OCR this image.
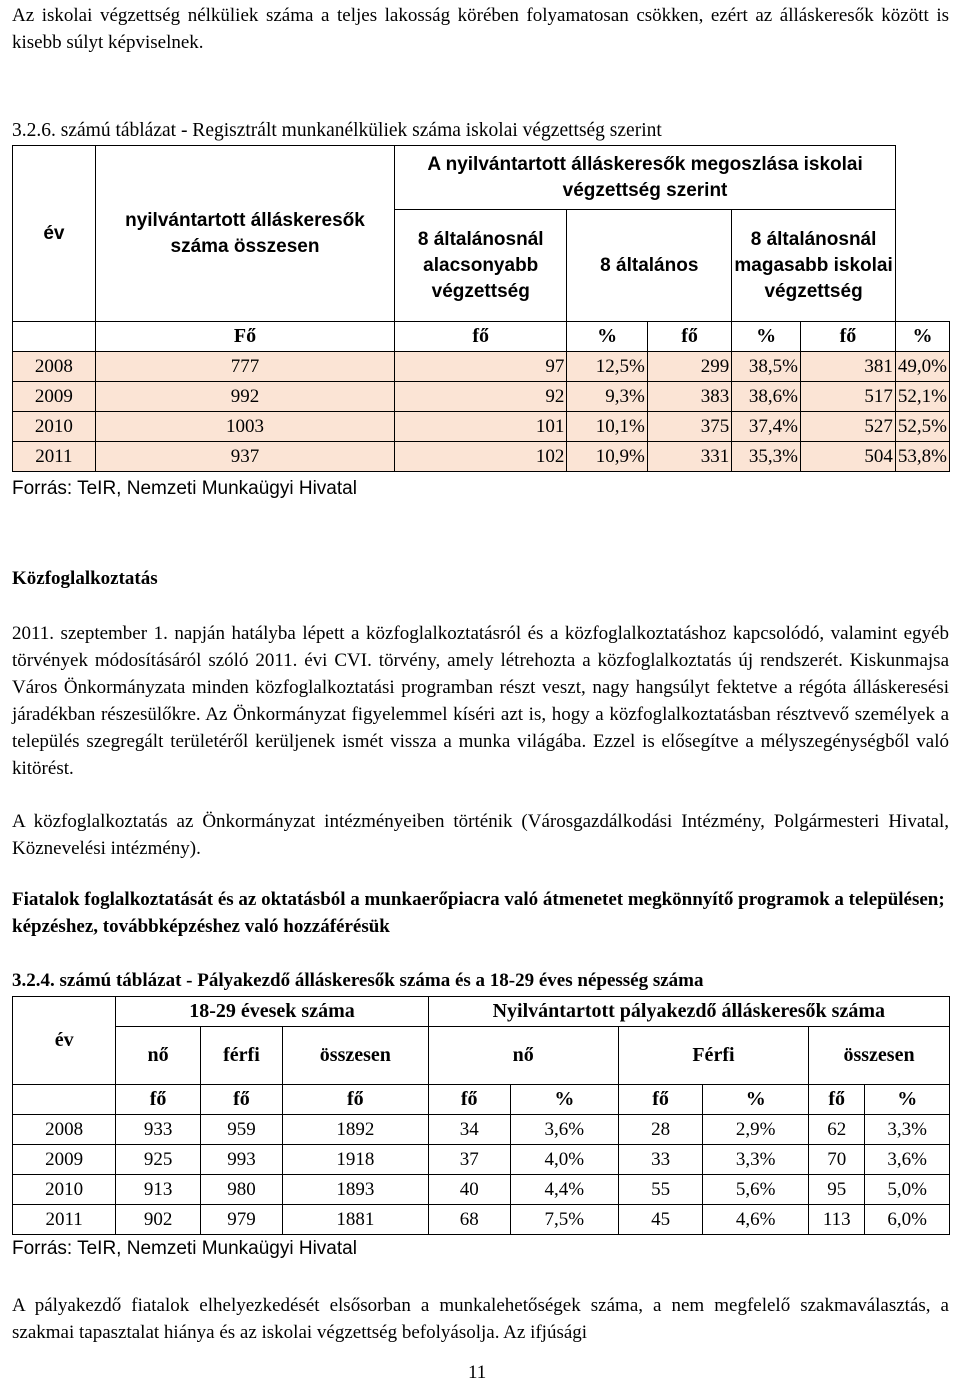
Az iskolai végzettség nélküliek száma a teljes lakosság körében folyamatosan csökken, ezért az álláskeresők között is kisebb súlyt képviselnek.

3.2.6. számú táblázat - Regisztrált munkanélküliek száma iskolai végzettség szerint

év	nyilvántartott álláskeresők száma összesen	A nyilvántartott álláskeresők megoszlása iskolai végzettség szerint					
		8 általánosnál alacsonyabb végzettség	8 általános		8 általánosnál magasabb iskolai végzettség		
	Fő	fő	%	fő	%	fő	%
2008	777	97	12,5%	299	38,5%	381	49,0%
2009	992	92	9,3%	383	38,6%	517	52,1%
2010	1003	101	10,1%	375	37,4%	527	52,5%
2011	937	102	10,9%	331	35,3%	504	53,8%
Forrás: TeIR, Nemzeti Munkaügyi Hivatal

Közfoglalkoztatás

2011. szeptember 1. napján hatályba lépett a közfoglalkoztatásról és a közfoglalkoztatáshoz kapcsolódó, valamint egyéb törvények módosításáról szóló 2011. évi CVI. törvény, amely létrehozta a közfoglalkoztatás új rendszerét. Kiskunmajsa Város Önkormányzata minden közfoglalkoztatási programban részt veszt, nagy hangsúlyt fektetve a régóta álláskeresési járadékban részesülőkre. Az Önkormányzat figyelemmel kíséri azt is, hogy a közfoglalkoztatásban résztvevő személyek a település szegregált területéről kerüljenek ismét vissza a munka világába. Ezzel is elősegítve a mélyszegénységből való kitörést.

A közfoglalkoztatás az Önkormányzat intézményeiben történik (Városgazdálkodási Intézmény, Polgármesteri Hivatal, Köznevelési intézmény).

Fiatalok foglalkoztatását és az oktatásból a munkaerőpiacra való átmenetet megkönnyítő programok a településen; képzéshez, továbbképzéshez való hozzáférésük

3.2.4. számú táblázat - Pályakezdő álláskeresők száma és a 18-29 éves népesség száma

év	18-29 évesek száma			Nyilvántartott pályakezdő álláskeresők száma					
	nő	férfi	összesen	nő		Férfi		összesen	
	fő	fő	fő	fő	%	fő	%	fő	%
2008	933	959	1892	34	3,6%	28	2,9%	62	3,3%
2009	925	993	1918	37	4,0%	33	3,3%	70	3,6%
2010	913	980	1893	40	4,4%	55	5,6%	95	5,0%
2011	902	979	1881	68	7,5%	45	4,6%	113	6,0%
Forrás: TeIR, Nemzeti Munkaügyi Hivatal

A pályakezdő fiatalok elhelyezkedését elsősorban a munkalehetőségek száma, a nem megfelelő szakmaválasztás, a szakmai tapasztalat hiánya és az iskolai végzettség befolyásolja. Az ifjúsági

11
